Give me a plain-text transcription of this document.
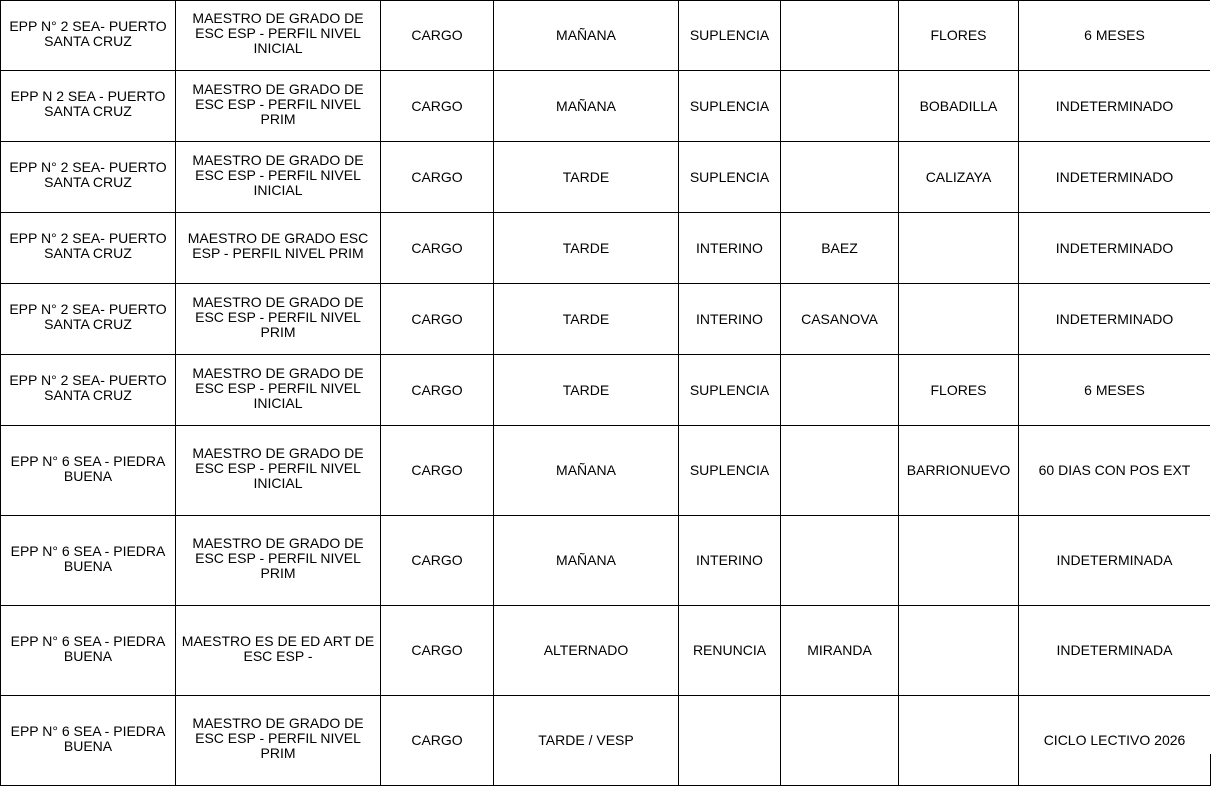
EPP N° 2 SEA- PUERTO SANTA CRUZ	MAESTRO DE GRADO DE ESC ESP - PERFIL NIVEL INICIAL	CARGO	MAÑANA	SUPLENCIA		FLORES	6 MESES
EPP N 2 SEA - PUERTO SANTA CRUZ	MAESTRO DE GRADO DE ESC ESP - PERFIL NIVEL PRIM	CARGO	MAÑANA	SUPLENCIA		BOBADILLA	INDETERMINADO
EPP N° 2 SEA- PUERTO SANTA CRUZ	MAESTRO DE GRADO DE ESC ESP - PERFIL NIVEL INICIAL	CARGO	TARDE	SUPLENCIA		CALIZAYA	INDETERMINADO
EPP N° 2 SEA- PUERTO SANTA CRUZ	MAESTRO DE GRADO ESC ESP - PERFIL NIVEL PRIM	CARGO	TARDE	INTERINO	BAEZ		INDETERMINADO
EPP N° 2 SEA- PUERTO SANTA CRUZ	MAESTRO DE GRADO DE ESC ESP - PERFIL NIVEL PRIM	CARGO	TARDE	INTERINO	CASANOVA		INDETERMINADO
EPP N° 2 SEA- PUERTO SANTA CRUZ	MAESTRO DE GRADO DE ESC ESP - PERFIL NIVEL INICIAL	CARGO	TARDE	SUPLENCIA		FLORES	6 MESES
EPP N° 6 SEA - PIEDRA BUENA	MAESTRO DE GRADO DE ESC ESP - PERFIL NIVEL INICIAL	CARGO	MAÑANA	SUPLENCIA		BARRIONUEVO	60 DIAS CON POS EXT
EPP N° 6 SEA - PIEDRA BUENA	MAESTRO DE GRADO DE ESC ESP - PERFIL NIVEL PRIM	CARGO	MAÑANA	INTERINO			INDETERMINADA
EPP N° 6 SEA - PIEDRA BUENA	MAESTRO ES DE ED ART DE ESC ESP -	CARGO	ALTERNADO	RENUNCIA	MIRANDA		INDETERMINADA
EPP N° 6 SEA - PIEDRA BUENA	MAESTRO DE GRADO DE ESC ESP - PERFIL NIVEL PRIM	CARGO	TARDE / VESP				CICLO LECTIVO 2026
